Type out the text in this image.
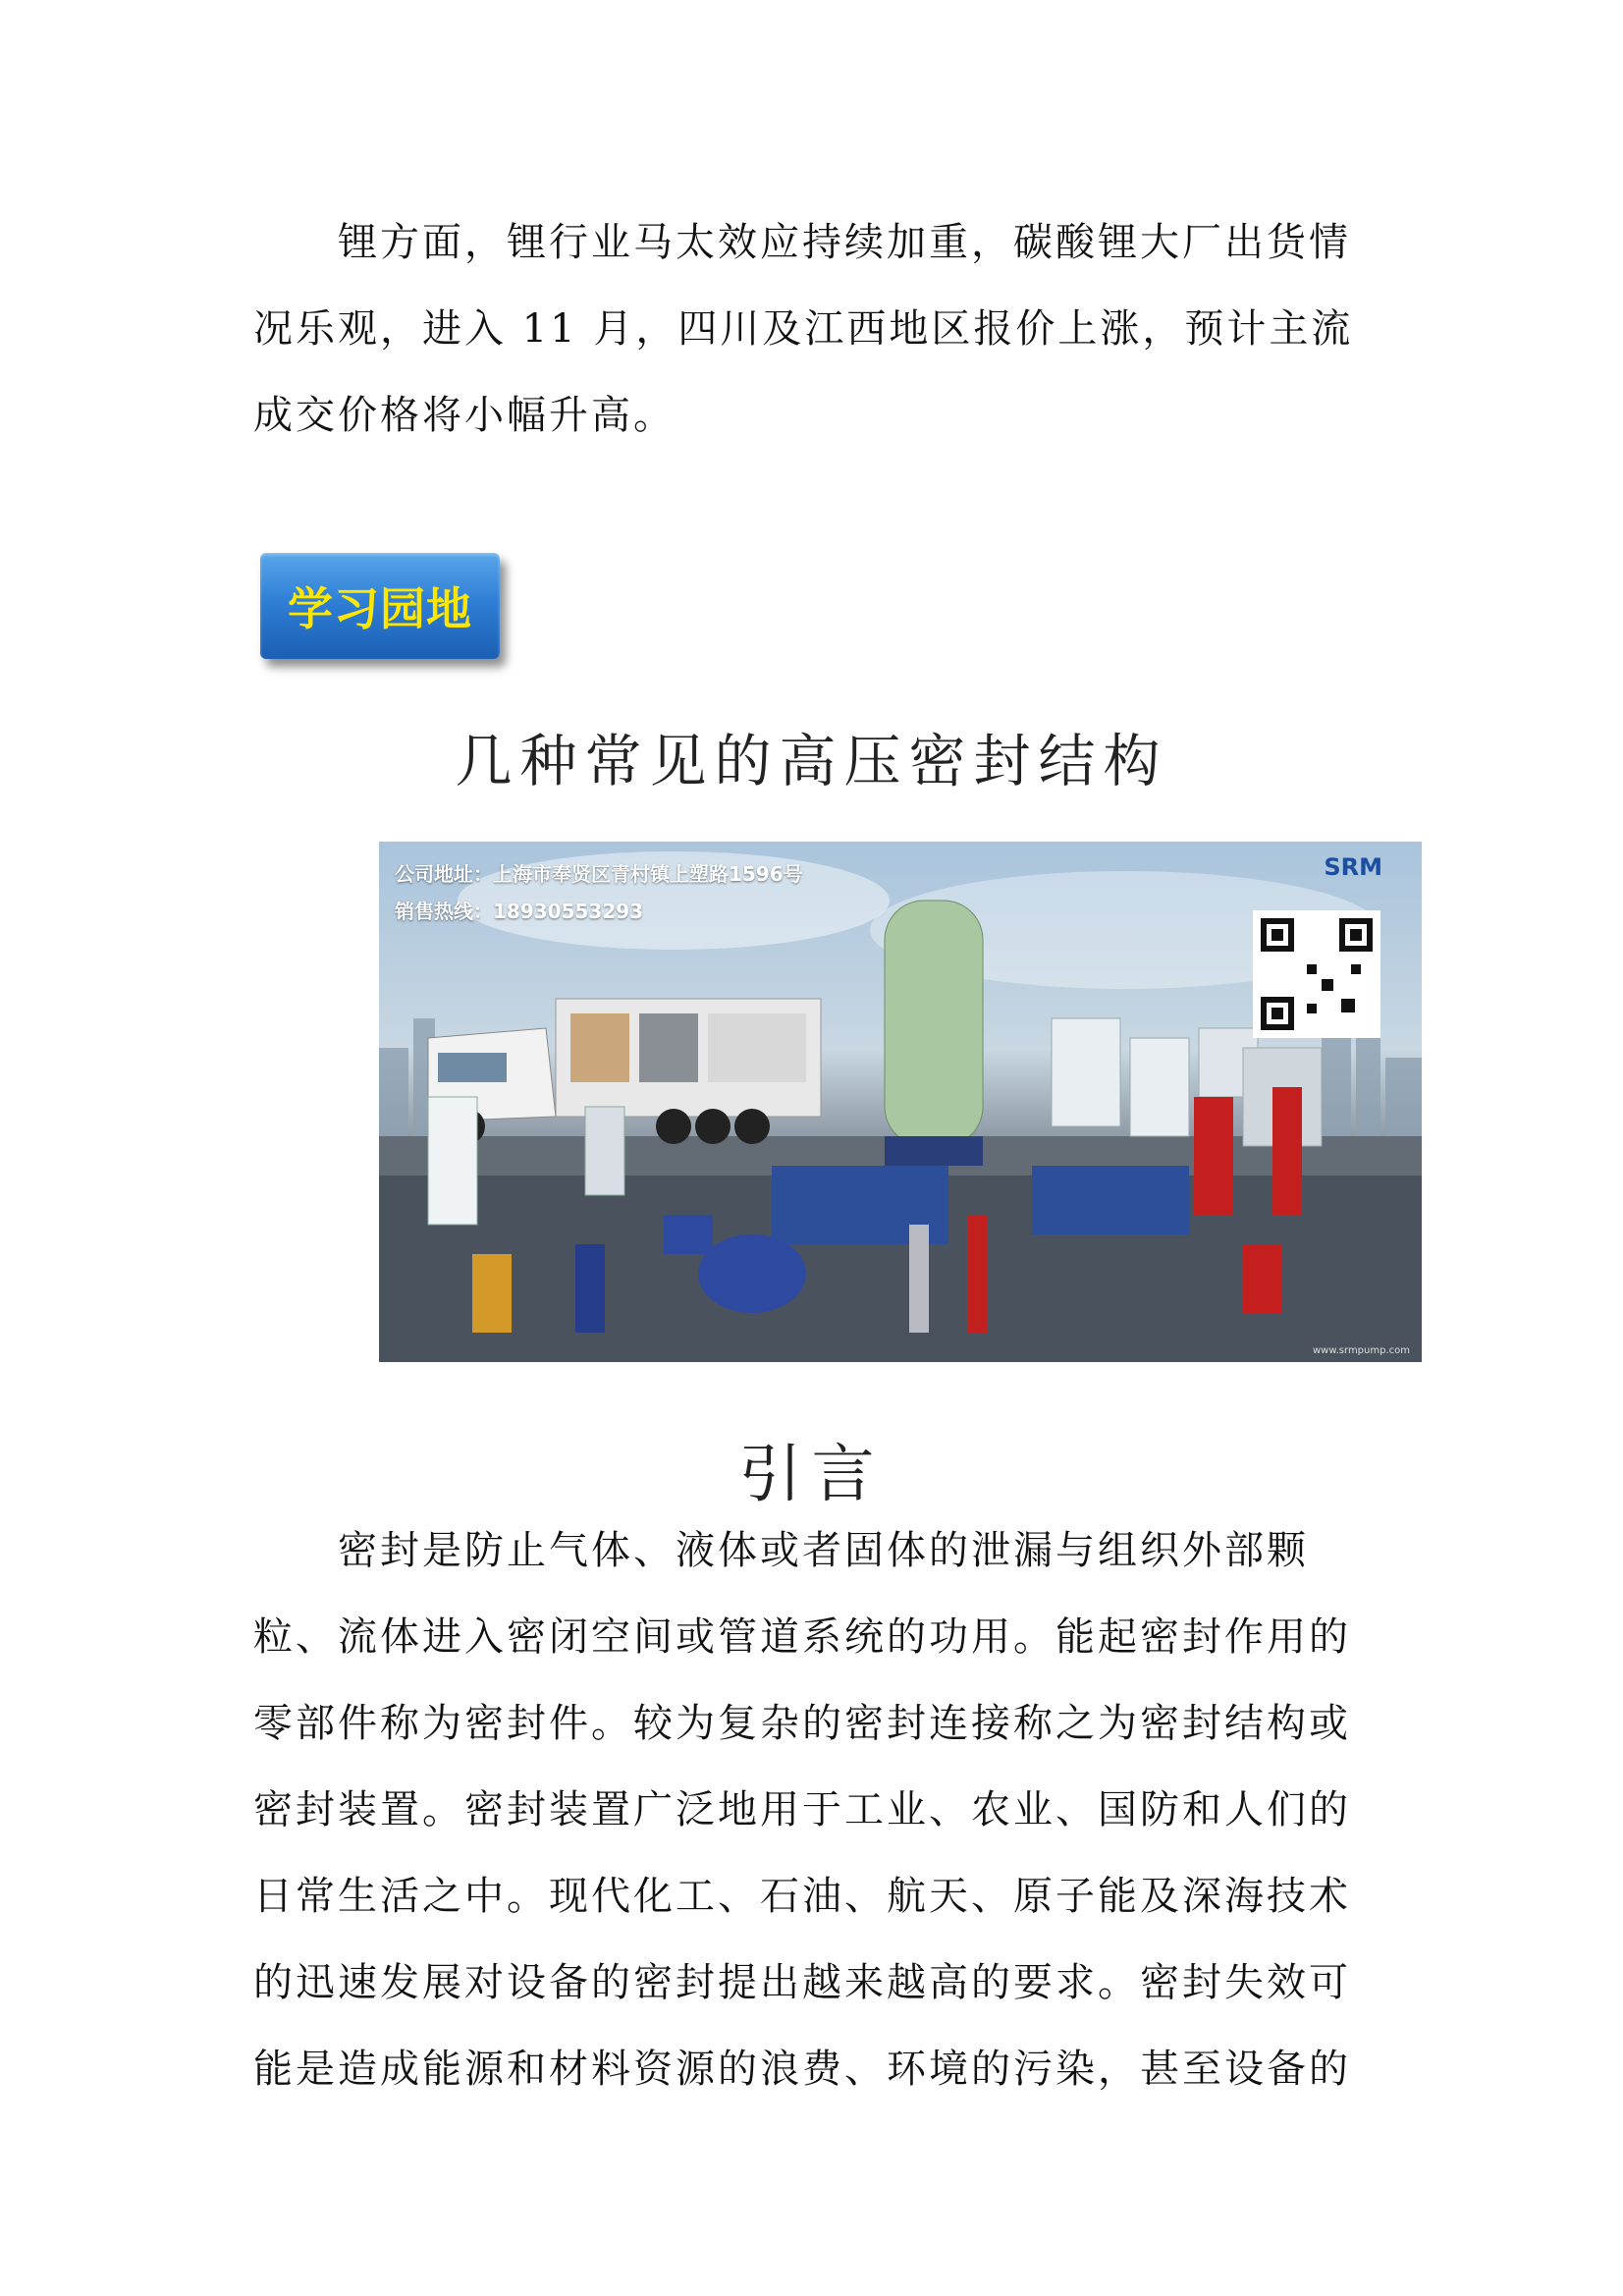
　　锂方面，锂行业马太效应持续加重，碳酸锂大厂出货情
况乐观，进入 11 月，四川及江西地区报价上涨，预计主流
成交价格将小幅升高。
学习园地
几种常见的高压密封结构
公司地址：上海市奉贤区青村镇上塑路1596号
销售热线：18930553293
SRM
www.srmpump.com
引言
　　密封是防止气体、液体或者固体的泄漏与组织外部颗
粒、流体进入密闭空间或管道系统的功用。能起密封作用的
零部件称为密封件。较为复杂的密封连接称之为密封结构或
密封装置。密封装置广泛地用于工业、农业、国防和人们的
日常生活之中。现代化工、石油、航天、原子能及深海技术
的迅速发展对设备的密封提出越来越高的要求。密封失效可
能是造成能源和材料资源的浪费、环境的污染，甚至设备的
